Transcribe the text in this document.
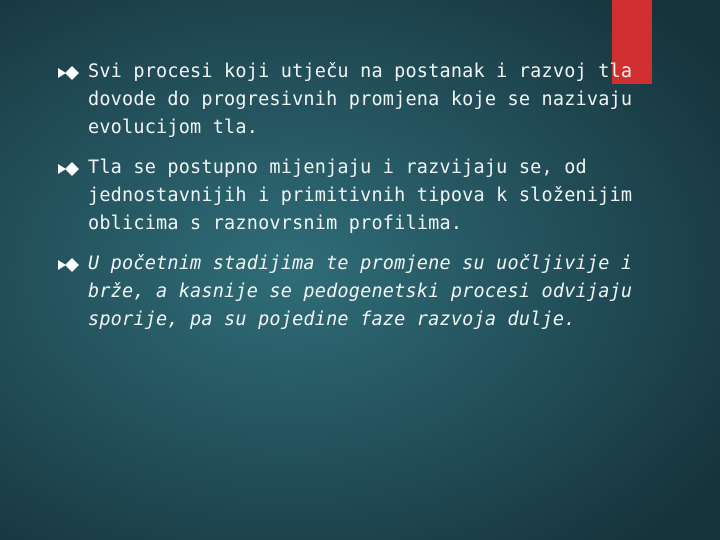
Svi procesi koji utječu na postanak i razvoj tla dovode do progresivnih promjena koje se nazivaju evolucijom tla.
Tla se postupno mijenjaju i razvijaju se, od jednostavnijih i primitivnih tipova k složenijim oblicima s raznovrsnim profilima.
U početnim stadijima te promjene su uočljivije i brže, a kasnije se pedogenetski procesi odvijaju sporije, pa su pojedine faze razvoja dulje.
